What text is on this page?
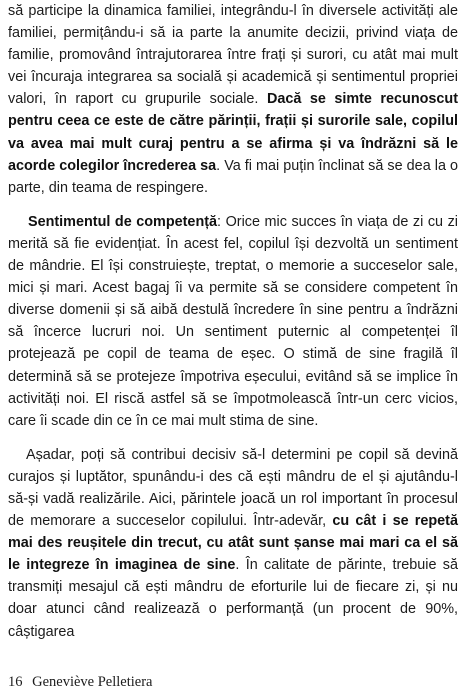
să participe la dinamica familiei, integrându-l în diversele activități ale familiei, permițându-i să ia parte la anumite decizii, privind viața de familie, promovând întrajutorarea între frați și surori, cu atât mai mult vei încuraja integrarea sa socială și academică și sentimentul propriei valori, în raport cu grupurile sociale. Dacă se simte recunoscut pentru ceea ce este de către părinții, frații și surorile sale, copilul va avea mai mult curaj pentru a se afirma și va îndrăzni să le acorde colegilor încrederea sa. Va fi mai puțin înclinat să se dea la o parte, din teama de respingere.

Sentimentul de competență: Orice mic succes în viața de zi cu zi merită să fie evidențiat. În acest fel, copilul își dezvoltă un sentiment de mândrie. El își construiește, treptat, o memorie a succeselor sale, mici și mari. Acest bagaj îi va permite să se considere competent în diverse domenii și să aibă destulă încredere în sine pentru a îndrăzni să încerce lucruri noi. Un sentiment puternic al competenței îl protejează pe copil de teama de eșec. O stimă de sine fragilă îl determină să se protejeze împotriva eșecului, evitând să se implice în activități noi. El riscă astfel să se împotmolească într-un cerc vicios, care îi scade din ce în ce mai mult stima de sine.

Așadar, poți să contribui decisiv să-l determini pe copil să devină curajos și luptător, spunându-i des că ești mândru de el și ajutându-l să-și vadă realizările. Aici, părintele joacă un rol important în procesul de memorare a succeselor copilului. Într-adevăr, cu cât i se repetă mai des reușitele din trecut, cu atât sunt șanse mai mari ca el să le integreze în imaginea de sine. În calitate de părinte, trebuie să transmiți mesajul că ești mândru de eforturile lui de fiecare zi, și nu doar atunci când realizează o performanță (un procent de 90%, câștigarea

16 Geneviève Pelletiera
